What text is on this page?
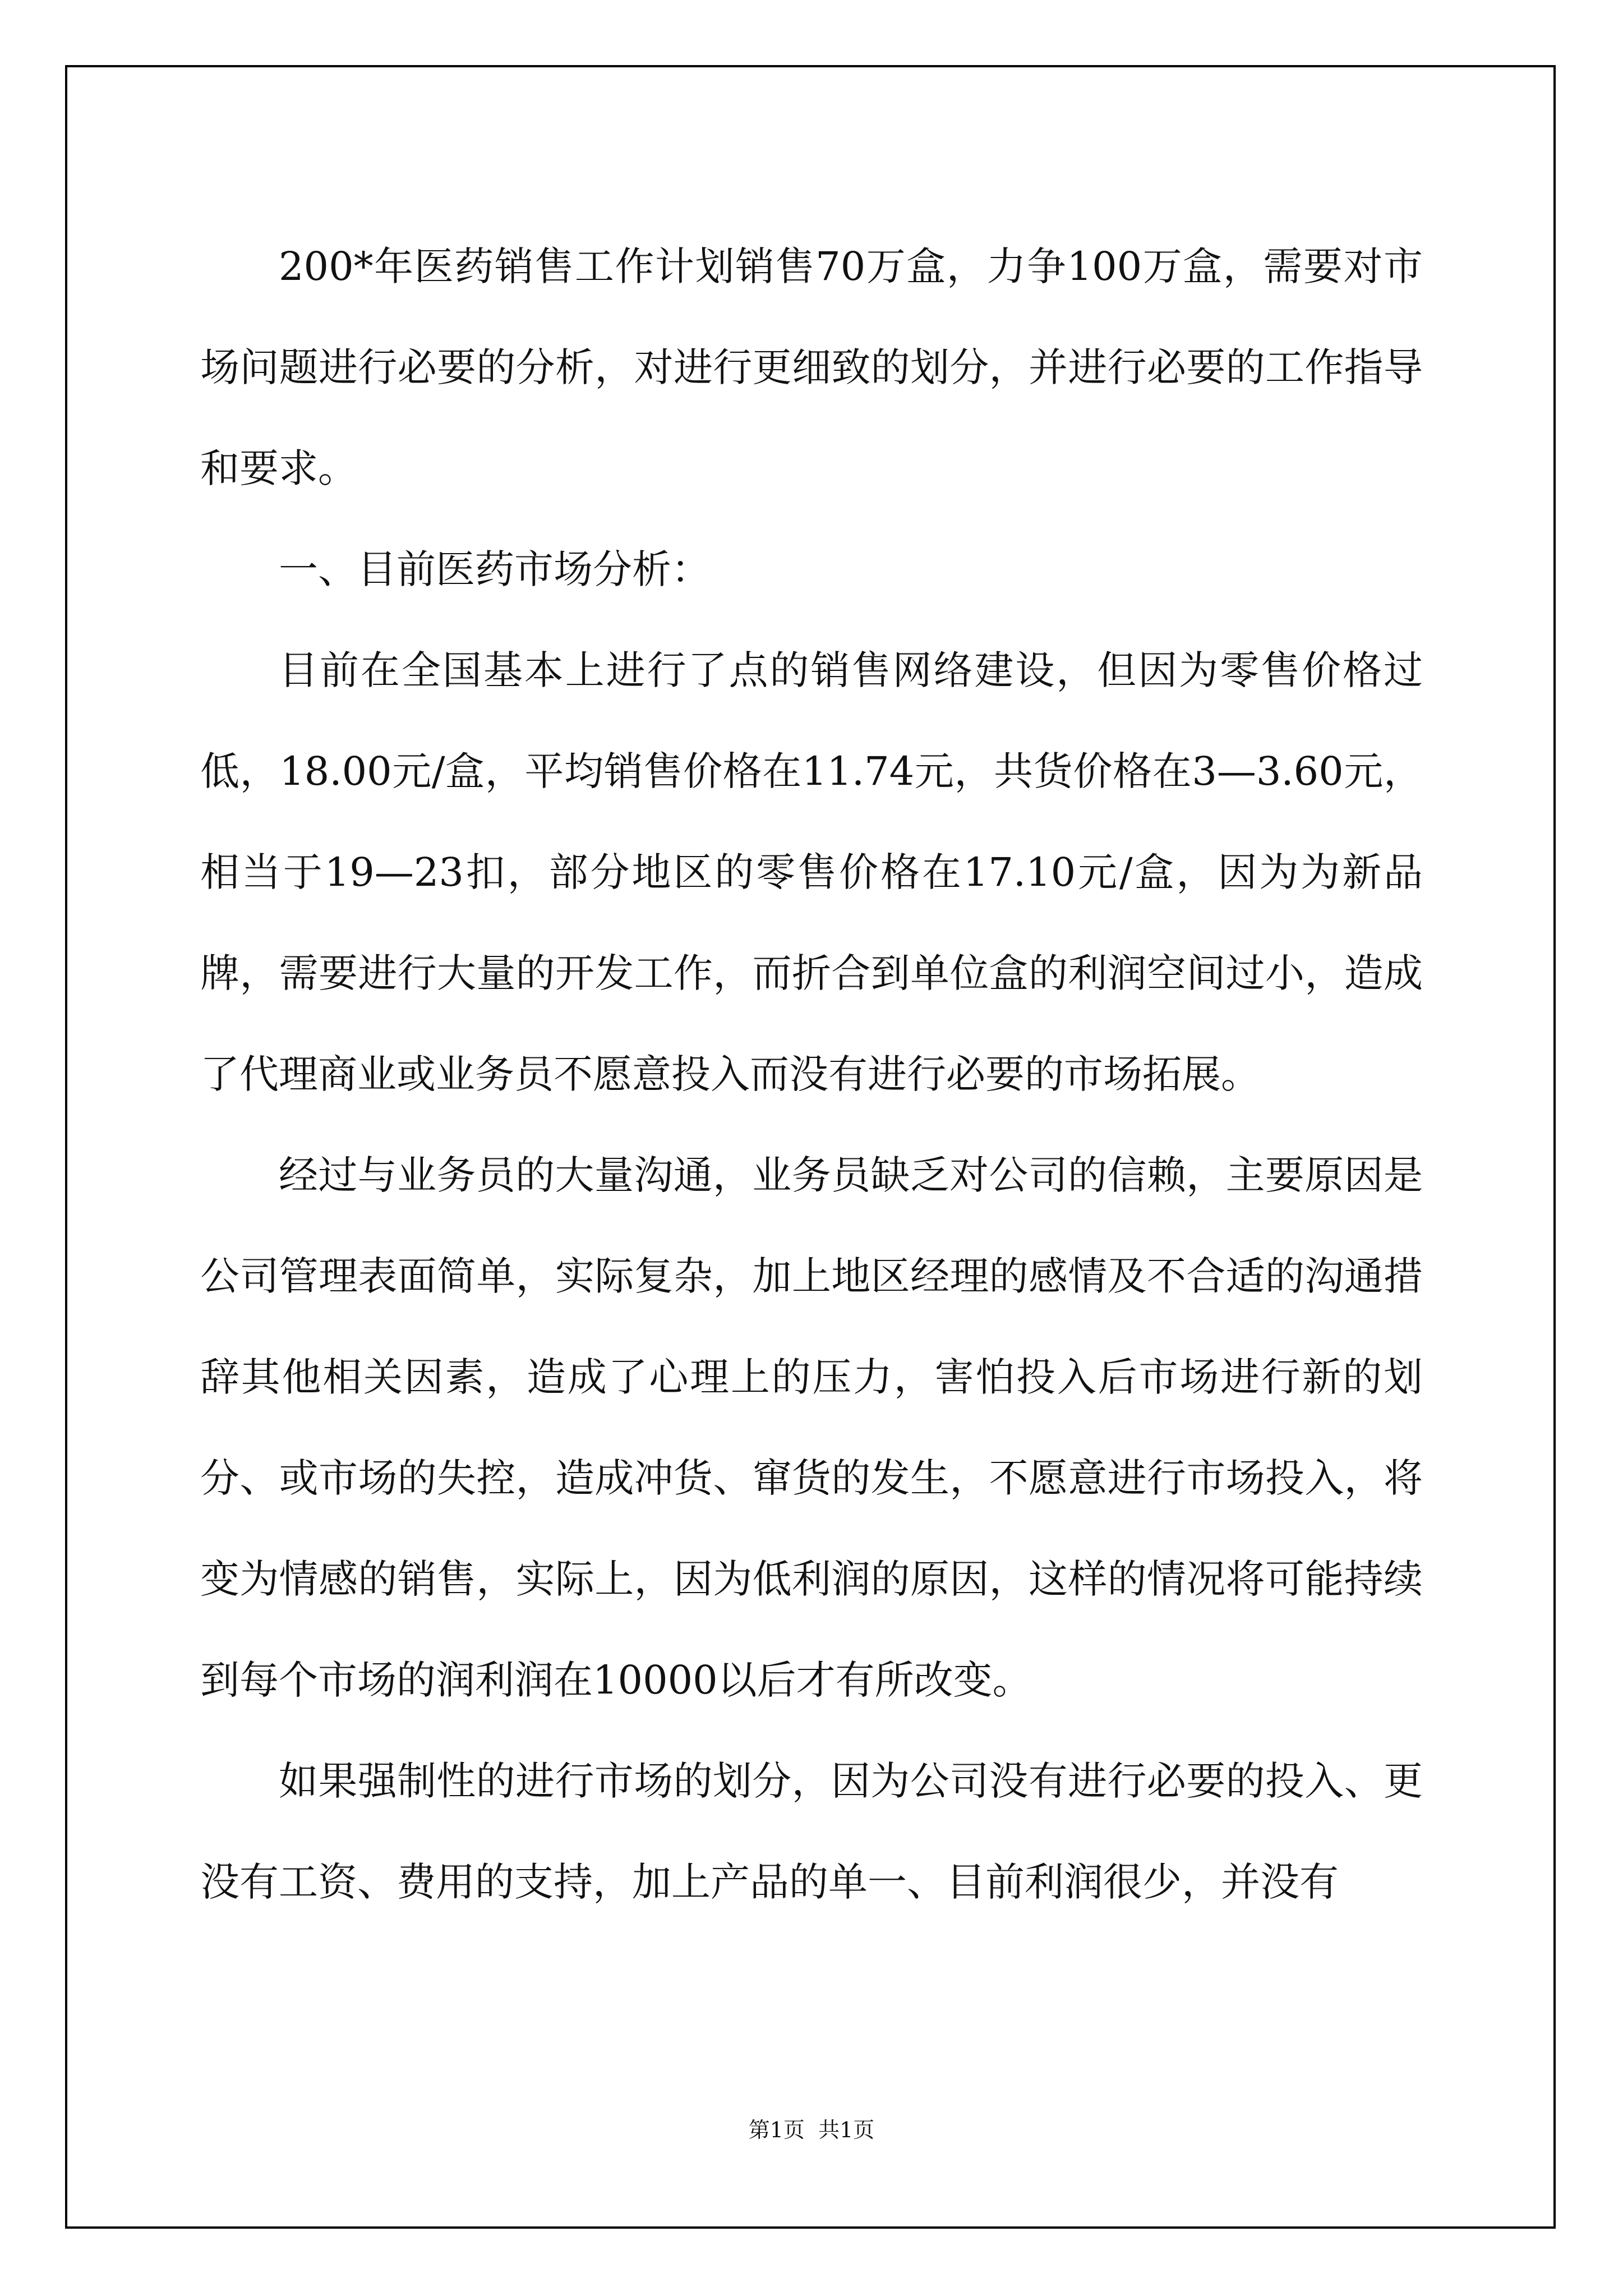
200*年医药销售工作计划销售70万盒，力争100万盒，需要对市场问题进行必要的分析，对进行更细致的划分，并进行必要的工作指导和要求。

一、目前医药市场分析：

目前在全国基本上进行了点的销售网络建设，但因为零售价格过低，18.00元/盒，平均销售价格在11.74元，共货价格在3—3.60元，相当于19—23扣，部分地区的零售价格在17.10元/盒，因为为新品牌，需要进行大量的开发工作，而折合到单位盒的利润空间过小，造成了代理商业或业务员不愿意投入而没有进行必要的市场拓展。

经过与业务员的大量沟通，业务员缺乏对公司的信赖，主要原因是公司管理表面简单，实际复杂，加上地区经理的感情及不合适的沟通措辞其他相关因素，造成了心理上的压力，害怕投入后市场进行新的划分、或市场的失控，造成冲货、窜货的发生，不愿意进行市场投入，将变为情感的销售，实际上，因为低利润的原因，这样的情况将可能持续到每个市场的润利润在10000以后才有所改变。

如果强制性的进行市场的划分，因为公司没有进行必要的投入、更没有工资、费用的支持，加上产品的单一、目前利润很少，并没有

第1页  共1页
